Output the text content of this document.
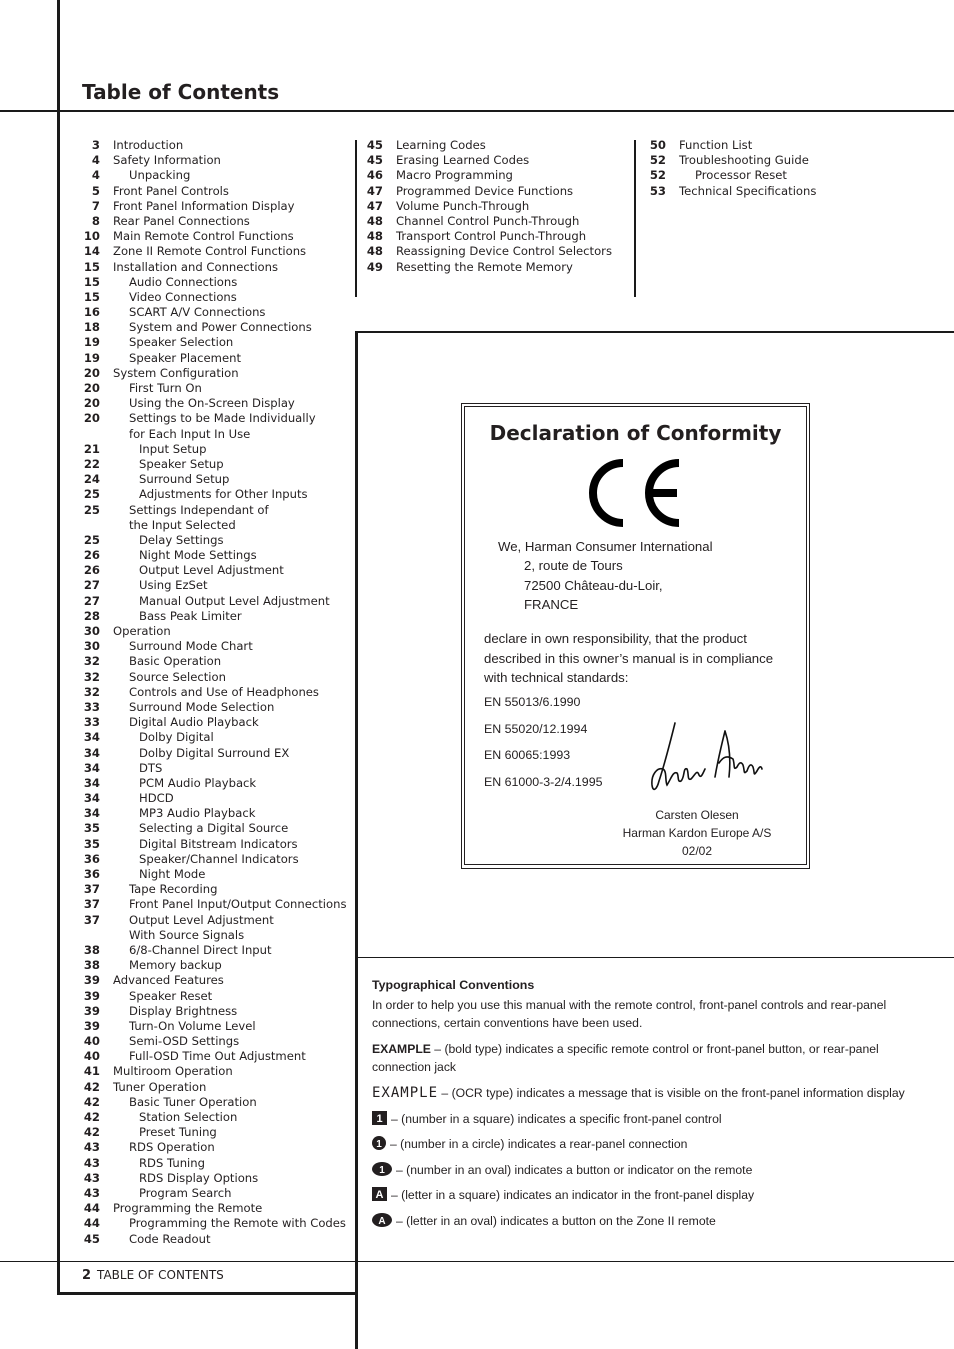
Table of Contents
3 Introduction
4 Safety Information
4	Unpacking
5 Front Panel Controls
7 Front Panel Information Display
8 Rear Panel Connections
10 Main Remote Control Functions
14 Zone II Remote Control Functions
15 Installation and Connections
15	Audio Connections
15	Video Connections
16	SCART A/V Connections
18	System and Power Connections
19	Speaker Selection
19	Speaker Placement
20 System Configuration
20	First Turn On
20	Using the On-Screen Display
20	Settings to be Made Individually
for Each Input In Use
21	Input Setup
22	Speaker Setup
24	Surround Setup
25	Adjustments for Other Inputs
25	Settings Independant of
the Input Selected
25	Delay Settings
26	Night Mode Settings
26	Output Level Adjustment
27	Using EzSet
27	Manual Output Level Adjustment
28	Bass Peak Limiter
30 Operation
30	Surround Mode Chart
32	Basic Operation
32	Source Selection
32	Controls and Use of Headphones
33	Surround Mode Selection
33	Digital Audio Playback
34	Dolby Digital
34	Dolby Digital Surround EX
34	DTS
34	PCM Audio Playback
34	HDCD
34	MP3 Audio Playback
35	Selecting a Digital Source
35	Digital Bitstream Indicators
36	Speaker/Channel Indicators
36	Night Mode
37	Tape Recording
37	Front Panel Input/Output Connections
37	Output Level Adjustment
With Source Signals
38	6/8-Channel Direct Input
38	Memory backup
39 Advanced Features
39	Speaker Reset
39	Display Brightness
39	Turn-On Volume Level
40	Semi-OSD Settings
40	Full-OSD Time Out Adjustment
41 Multiroom Operation
42 Tuner Operation
42	Basic Tuner Operation
42	Station Selection
42	Preset Tuning
43	RDS Operation
43	RDS Tuning
43	RDS Display Options
43	Program Search
44 Programming the Remote
44	Programming the Remote with Codes
45	Code Readout
45 Learning Codes
45 Erasing Learned Codes
46 Macro Programming
47 Programmed Device Functions
47 Volume Punch-Through
48 Channel Control Punch-Through
48 Transport Control Punch-Through
48 Reassigning Device Control Selectors
49 Resetting the Remote Memory
50 Function List
52 Troubleshooting Guide
52	Processor Reset
53 Technical Specifications
Declaration of Conformity
We, Harman Consumer International
2, route de Tours
72500 Château-du-Loir,
FRANCE
declare in own responsibility, that the product described in this owner’s manual is in compliance with technical standards:
EN 55013/6.1990
EN 55020/12.1994
EN 60065:1993
EN 61000-3-2/4.1995
Carsten Olesen
Harman Kardon Europe A/S
02/02

Typographical Conventions

In order to help you use this manual with the remote control, front-panel controls and rear-panel connections, certain conventions have been used.

EXAMPLE – (bold type) indicates a specific remote control or front-panel button, or rear-panel connection jack

EXAMPLE – (OCR type) indicates a message that is visible on the front-panel information display

1 – (number in a square) indicates a specific front-panel control
1 – (number in a circle) indicates a rear-panel connection
1 – (number in an oval) indicates a button or indicator on the remote
A – (letter in a square) indicates an indicator in the front-panel display
A – (letter in an oval) indicates a button on the Zone II remote
2 TABLE OF CONTENTS
